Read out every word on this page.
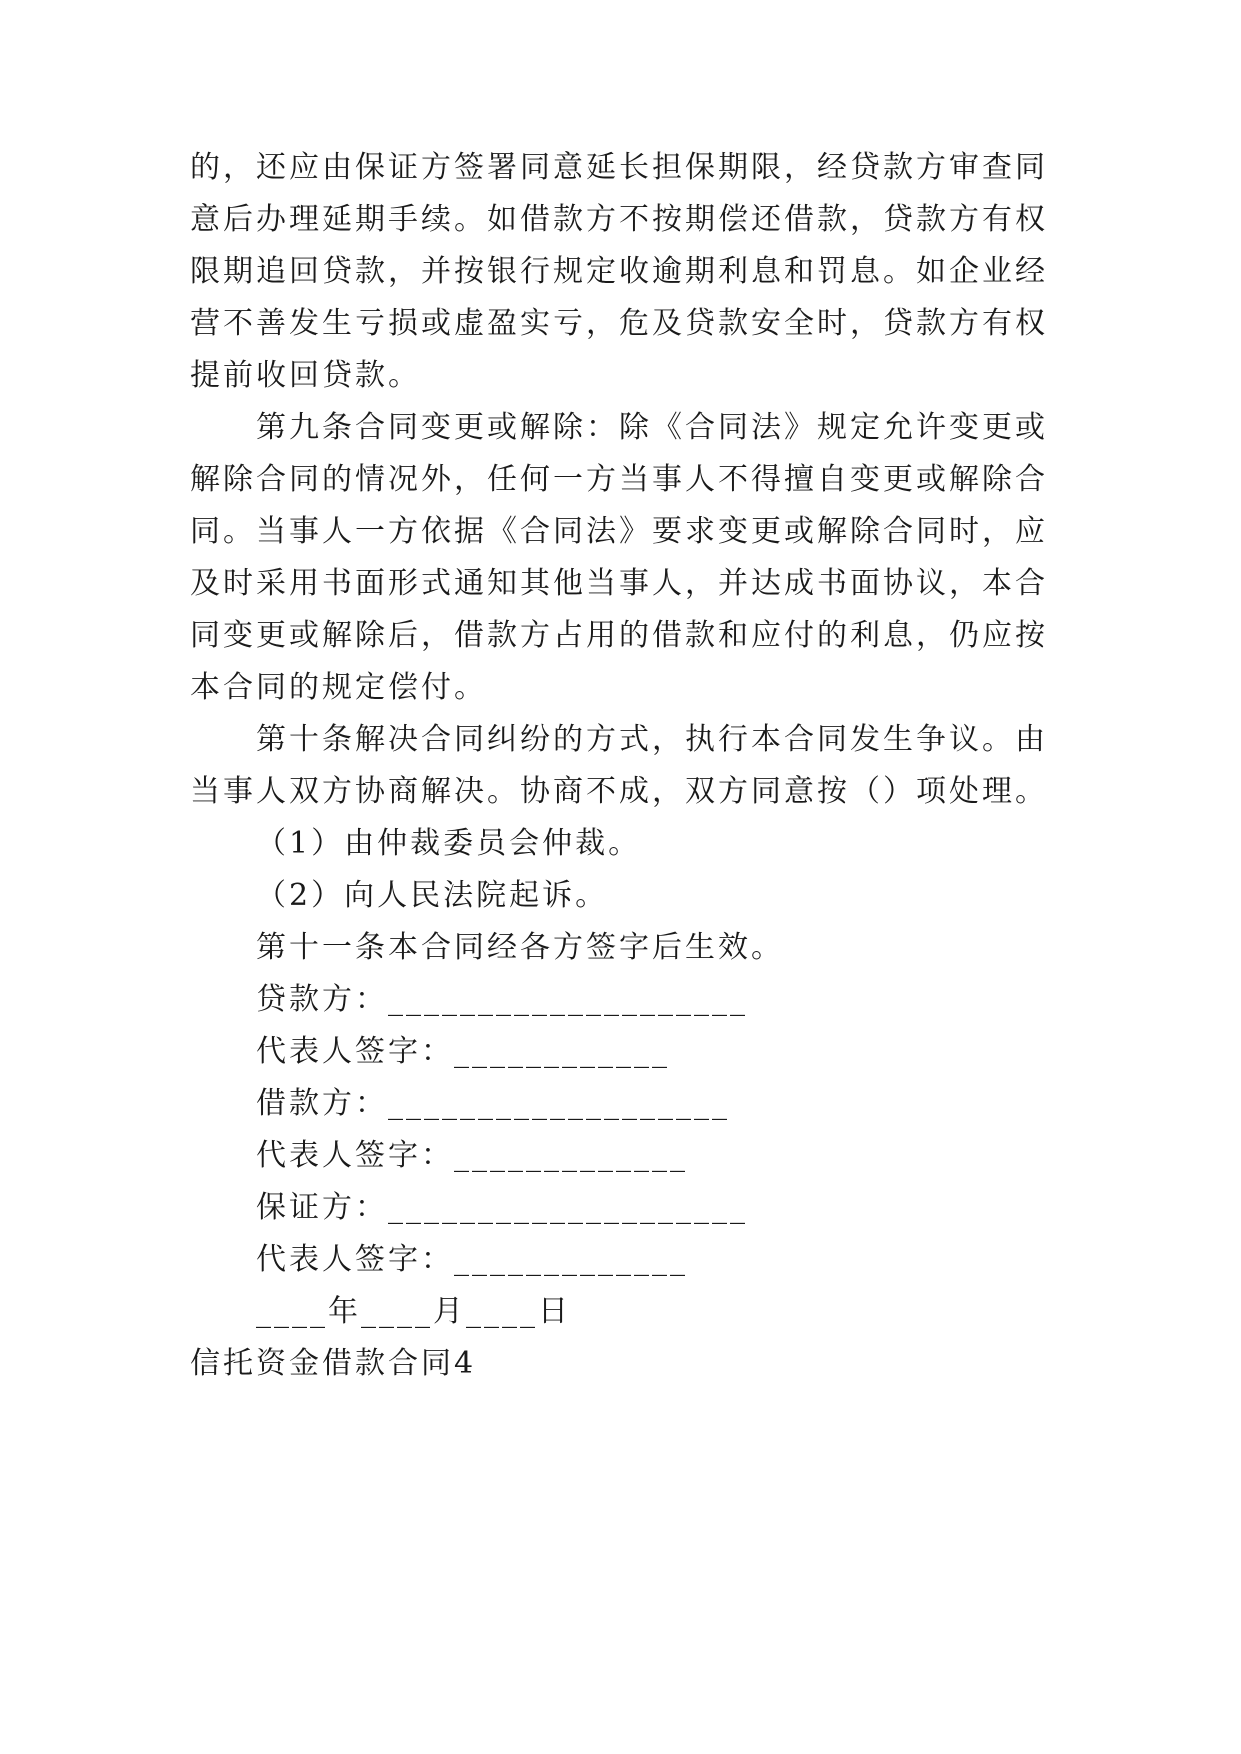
的，还应由保证方签署同意延长担保期限，经贷款方审查同
意后办理延期手续。如借款方不按期偿还借款，贷款方有权
限期追回贷款，并按银行规定收逾期利息和罚息。如企业经
营不善发生亏损或虚盈实亏，危及贷款安全时，贷款方有权
提前收回贷款。
第九条合同变更或解除：除《合同法》规定允许变更或
解除合同的情况外，任何一方当事人不得擅自变更或解除合
同。当事人一方依据《合同法》要求变更或解除合同时，应
及时采用书面形式通知其他当事人，并达成书面协议，本合
同变更或解除后，借款方占用的借款和应付的利息，仍应按
本合同的规定偿付。
第十条解决合同纠纷的方式，执行本合同发生争议。由
当事人双方协商解决。协商不成，双方同意按（）项处理。
（1）由仲裁委员会仲裁。
（2）向人民法院起诉。
第十一条本合同经各方签字后生效。
贷款方：____________________
代表人签字：____________
借款方：___________________
代表人签字：_____________
保证方：____________________
代表人签字：_____________
____年____月____日
信托资金借款合同4
